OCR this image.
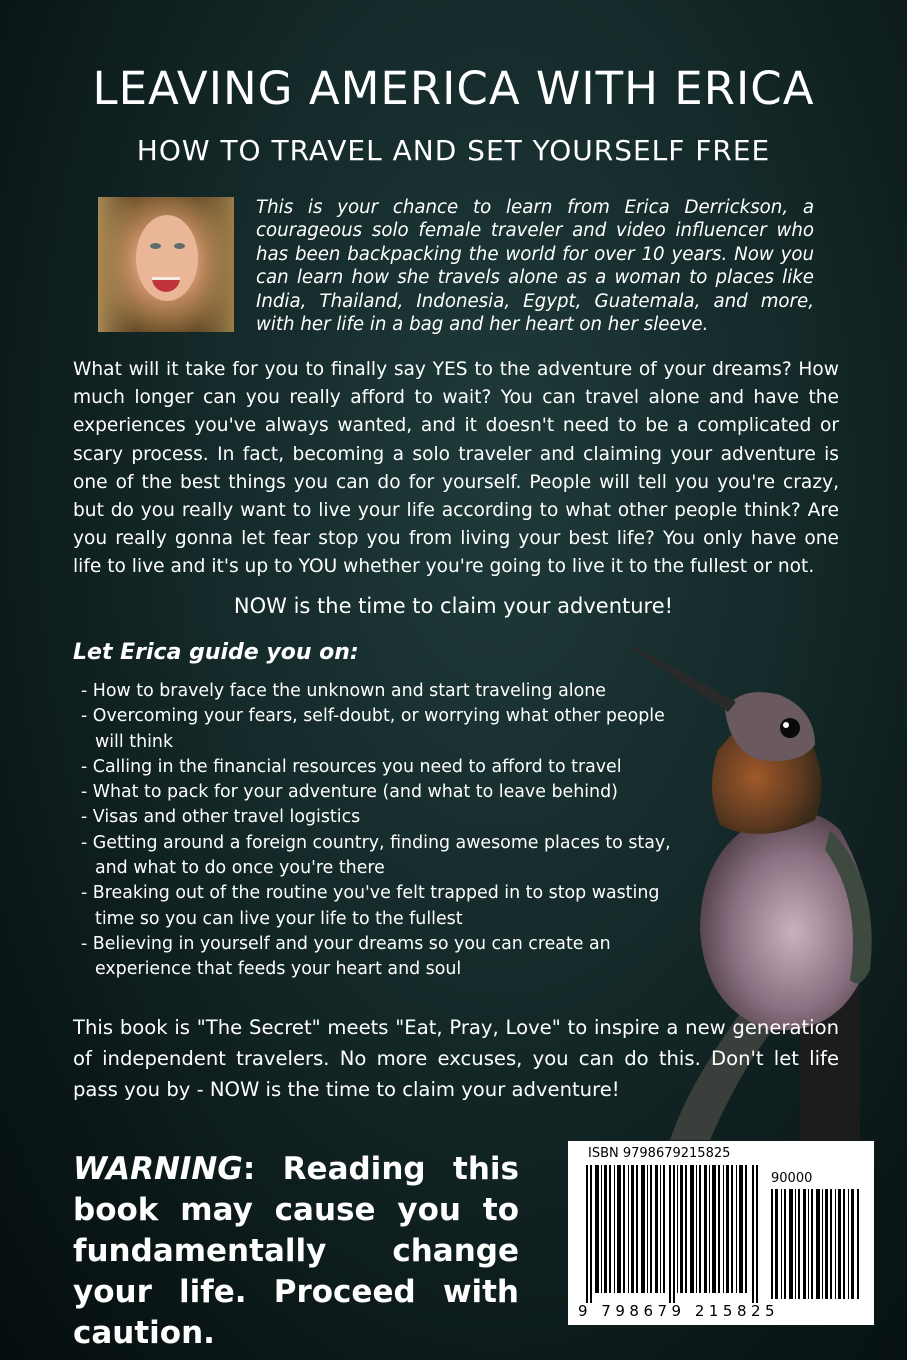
LEAVING AMERICA WITH ERICA
HOW TO TRAVEL AND SET YOURSELF FREE
This is your chance to learn from Erica Derrickson, a courageous solo female traveler and video influencer who has been backpacking the world for over 10 years. Now you can learn how she travels alone as a woman to places like India, Thailand, Indonesia, Egypt, Guatemala, and more, with her life in a bag and her heart on her sleeve.
What will it take for you to finally say YES to the adventure of your dreams? How much longer can you really afford to wait? You can travel alone and have the experiences you've always wanted, and it doesn't need to be a complicated or scary process. In fact, becoming a solo traveler and claiming your adventure is one of the best things you can do for yourself. People will tell you you're crazy, but do you really want to live your life according to what other people think? Are you really gonna let fear stop you from living your best life? You only have one life to live and it's up to YOU whether you're going to live it to the fullest or not.
NOW is the time to claim your adventure!
Let Erica guide you on:
- How to bravely face the unknown and start traveling alone
- Overcoming your fears, self-doubt, or worrying what other people will think
- Calling in the financial resources you need to afford to travel
- What to pack for your adventure (and what to leave behind)
- Visas and other travel logistics
- Getting around a foreign country, finding awesome places to stay, and what to do once you're there
- Breaking out of the routine you've felt trapped in to stop wasting time so you can live your life to the fullest
- Believing in yourself and your dreams so you can create an experience that feeds your heart and soul
This book is "The Secret" meets "Eat, Pray, Love" to inspire a new generation of independent travelers. No more excuses, you can do this. Don't let life pass you by - NOW is the time to claim your adventure!
WARNING: Reading this book may cause you to fundamentally change your life. Proceed with caution.
ISBN 9798679215825
90000
9 798679 215825
